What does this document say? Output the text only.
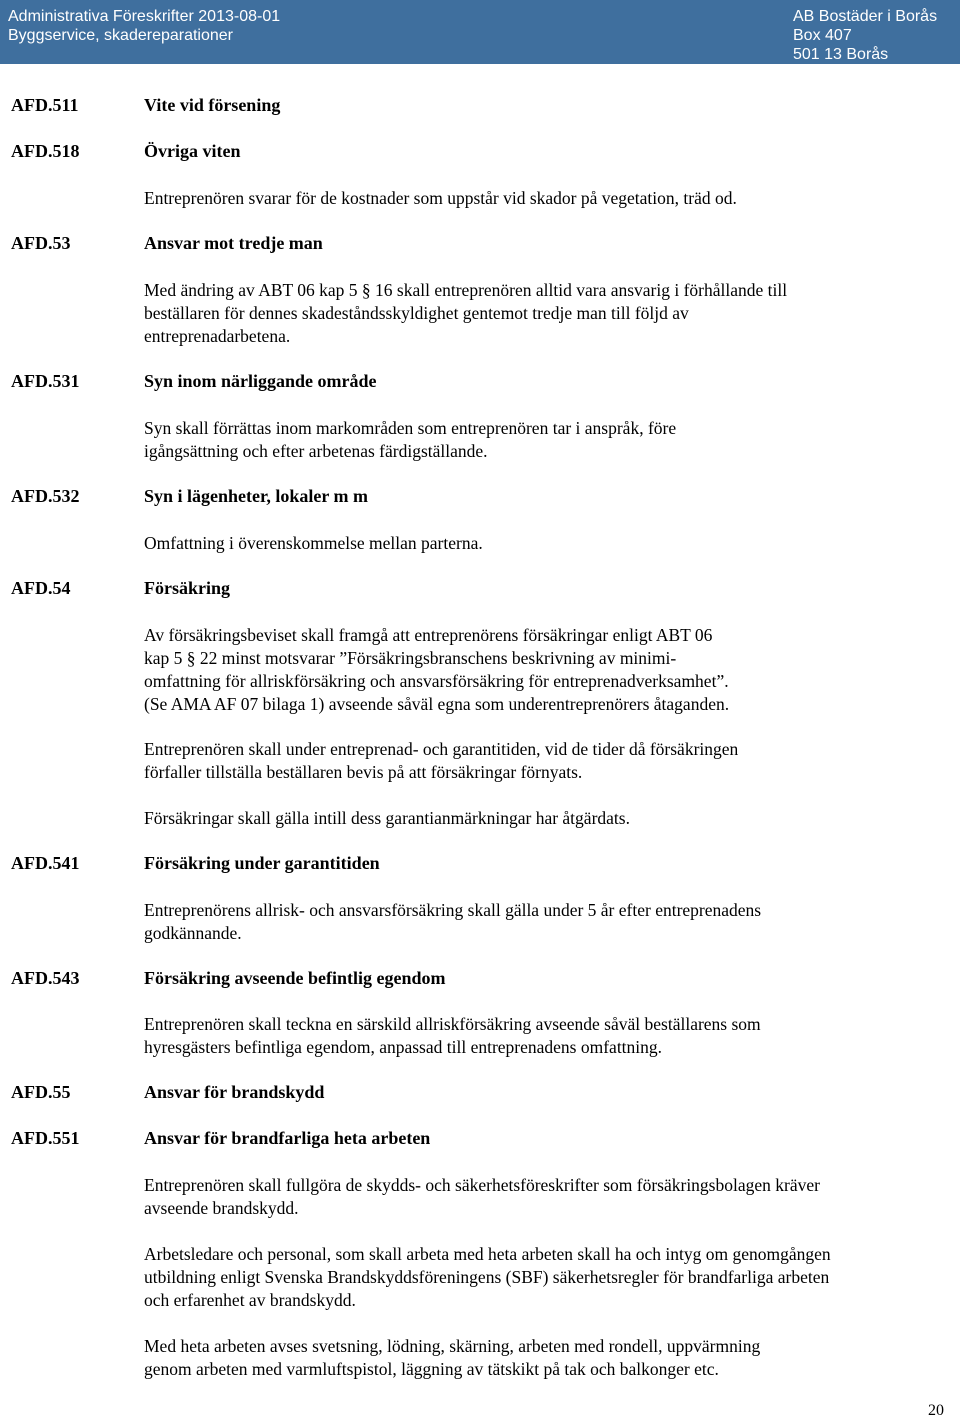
Administrativa Föreskrifter 2013-08-01
Byggservice, skadereparationer
AB Bostäder i Borås
Box 407
501 13 Borås
AFD.511	Vite vid försening
AFD.518	Övriga viten
Entreprenören svarar för de kostnader som uppstår vid skador på vegetation, träd od.
AFD.53	Ansvar mot tredje man
Med ändring av ABT 06 kap 5 § 16 skall entreprenören alltid vara ansvarig i förhållande till
beställaren för dennes skadeståndsskyldighet gentemot tredje man till följd av
entreprenadarbetena.
AFD.531	Syn inom närliggande område
Syn skall förrättas inom markområden som entreprenören tar i anspråk, före
igångsättning och efter arbetenas färdigställande.
AFD.532	Syn i lägenheter, lokaler m m
Omfattning i överenskommelse mellan parterna.
AFD.54	Försäkring
Av försäkringsbeviset skall framgå att entreprenörens försäkringar enligt ABT 06
kap 5 § 22 minst motsvarar ”Försäkringsbranschens beskrivning av minimi-
omfattning för allriskförsäkring och ansvarsförsäkring för entreprenadverksamhet”.
(Se AMA AF 07 bilaga 1) avseende såväl egna som underentreprenörers åtaganden.
Entreprenören skall under entreprenad- och garantitiden, vid de tider då försäkringen
förfaller tillställa beställaren bevis på att försäkringar förnyats.
Försäkringar skall gälla intill dess garantianmärkningar har åtgärdats.
AFD.541	Försäkring under garantitiden
Entreprenörens allrisk- och ansvarsförsäkring skall gälla under 5 år efter entreprenadens
godkännande.
AFD.543	Försäkring avseende befintlig egendom
Entreprenören skall teckna en särskild allriskförsäkring avseende såväl beställarens som
hyresgästers befintliga egendom, anpassad till entreprenadens omfattning.
AFD.55	Ansvar för brandskydd
AFD.551	Ansvar för brandfarliga heta arbeten
Entreprenören skall fullgöra de skydds- och säkerhetsföreskrifter som försäkringsbolagen kräver
avseende brandskydd.
Arbetsledare och personal, som skall arbeta med heta arbeten skall ha och intyg om genomgången
utbildning enligt Svenska Brandskyddsföreningens (SBF) säkerhetsregler för brandfarliga arbeten
och erfarenhet av brandskydd.
Med heta arbeten avses svetsning, lödning, skärning, arbeten med rondell, uppvärmning
genom arbeten med varmluftspistol, läggning av tätskikt på tak och balkonger etc.
20
